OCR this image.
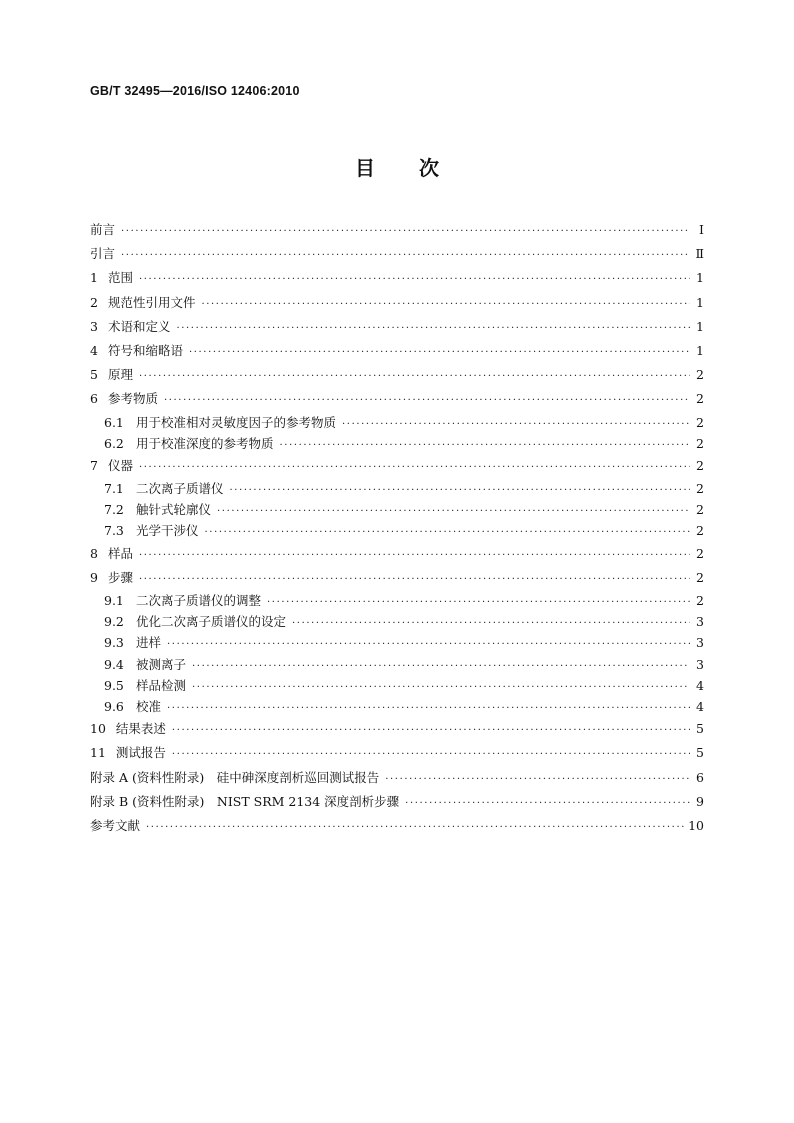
GB/T 32495—2016/ISO 12406:2010
目 次
前言 ·····	Ⅰ
引言 ·····	Ⅱ
1 范围 ·····	1
2 规范性引用文件 ·····	1
3 术语和定义 ·····	1
4 符号和缩略语 ·····	1
5 原理 ·····	2
6 参考物质 ·····	2
6.1 用于校准相对灵敏度因子的参考物质 ·····	2
6.2 用于校准深度的参考物质 ·····	2
7 仪器 ·····	2
7.1 二次离子质谱仪 ·····	2
7.2 触针式轮廓仪 ·····	2
7.3 光学干涉仪 ·····	2
8 样品 ·····	2
9 步骤 ·····	2
9.1 二次离子质谱仪的调整 ·····	2
9.2 优化二次离子质谱仪的设定 ·····	3
9.3 进样 ·····	3
9.4 被测离子 ·····	3
9.5 样品检测 ·····	4
9.6 校准 ·····	4
10 结果表述 ·····	5
11 测试报告 ·····	5
附录 A (资料性附录)　硅中砷深度剖析巡回测试报告 ·····	6
附录 B (资料性附录)　NIST SRM 2134 深度剖析步骤 ·····	9
参考文献 ·····	10
